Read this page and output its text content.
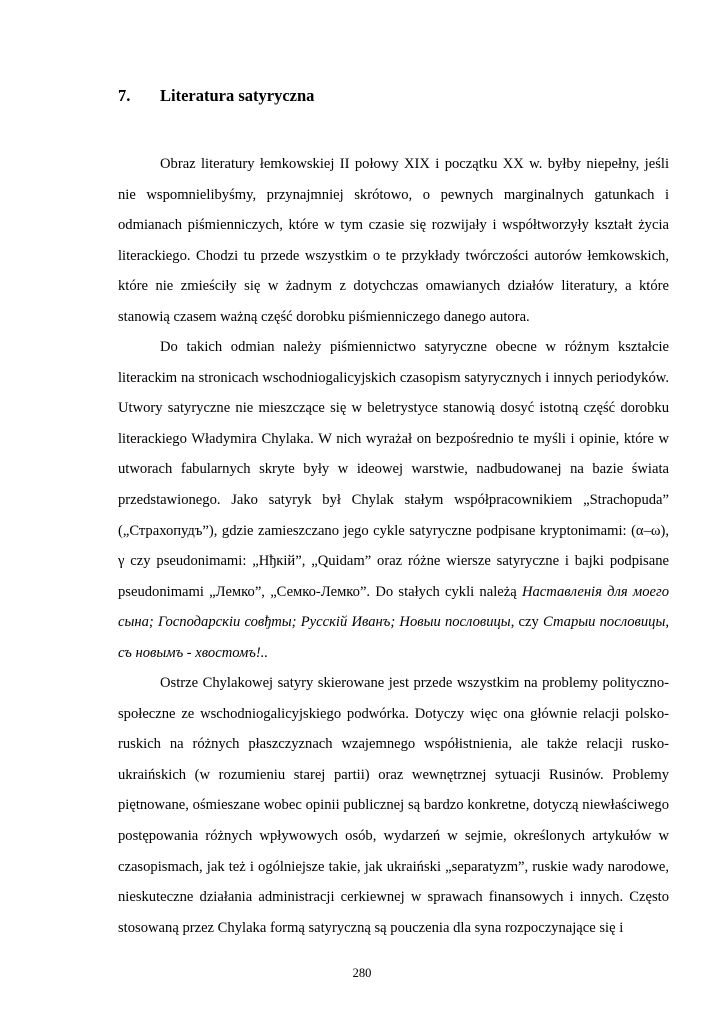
7. Literatura satyryczna

Obraz literatury łemkowskiej II połowy XIX i początku XX w. byłby niepełny, jeśli nie wspomnielibyśmy, przynajmniej skrótowo, o pewnych marginalnych gatunkach i odmianach piśmienniczych, które w tym czasie się rozwijały i współtworzyły kształt życia literackiego. Chodzi tu przede wszystkim o te przykłady twórczości autorów łemkowskich, które nie zmieściły się w żadnym z dotychczas omawianych działów literatury, a które stanowią czasem ważną część dorobku piśmienniczego danego autora.

Do takich odmian należy piśmiennictwo satyryczne obecne w różnym kształcie literackim na stronicach wschodniogalicyjskich czasopism satyrycznych i innych periodyków. Utwory satyryczne nie mieszczące się w beletrystyce stanowią dosyć istotną część dorobku literackiego Władymira Chylaka. W nich wyrażał on bezpośrednio te myśli i opinie, które w utworach fabularnych skryte były w ideowej warstwie, nadbudowanej na bazie świata przedstawionego. Jako satyryk był Chylak stałym współpracownikiem „Strachopuda” („Страхопудъ”), gdzie zamieszczano jego cykle satyryczne podpisane kryptonimami: (α–ω), γ czy pseudonimami: „Нђкій”, „Quidam” oraz różne wiersze satyryczne i bajki podpisane pseudonimami „Лемко”, „Семко-Лемко”. Do stałych cykli należą Наставленія для моего сына; Господарскіи совђты; Русскій Иванъ; Новыи пословицы, czy Старыи пословицы, съ новымъ - хвостомъ!..

Ostrze Chylakowej satyry skierowane jest przede wszystkim na problemy polityczno-społeczne ze wschodniogalicyjskiego podwórka. Dotyczy więc ona głównie relacji polsko-ruskich na różnych płaszczyznach wzajemnego współistnienia, ale także relacji rusko-ukraińskich (w rozumieniu starej partii) oraz wewnętrznej sytuacji Rusinów. Problemy piętnowane, ośmieszane wobec opinii publicznej są bardzo konkretne, dotyczą niewłaściwego postępowania różnych wpływowych osób, wydarzeń w sejmie, określonych artykułów w czasopismach, jak też i ogólniejsze takie, jak ukraiński „separatyzm”, ruskie wady narodowe, nieskuteczne działania administracji cerkiewnej w sprawach finansowych i innych. Często stosowaną przez Chylaka formą satyryczną są pouczenia dla syna rozpoczynające się i

280
